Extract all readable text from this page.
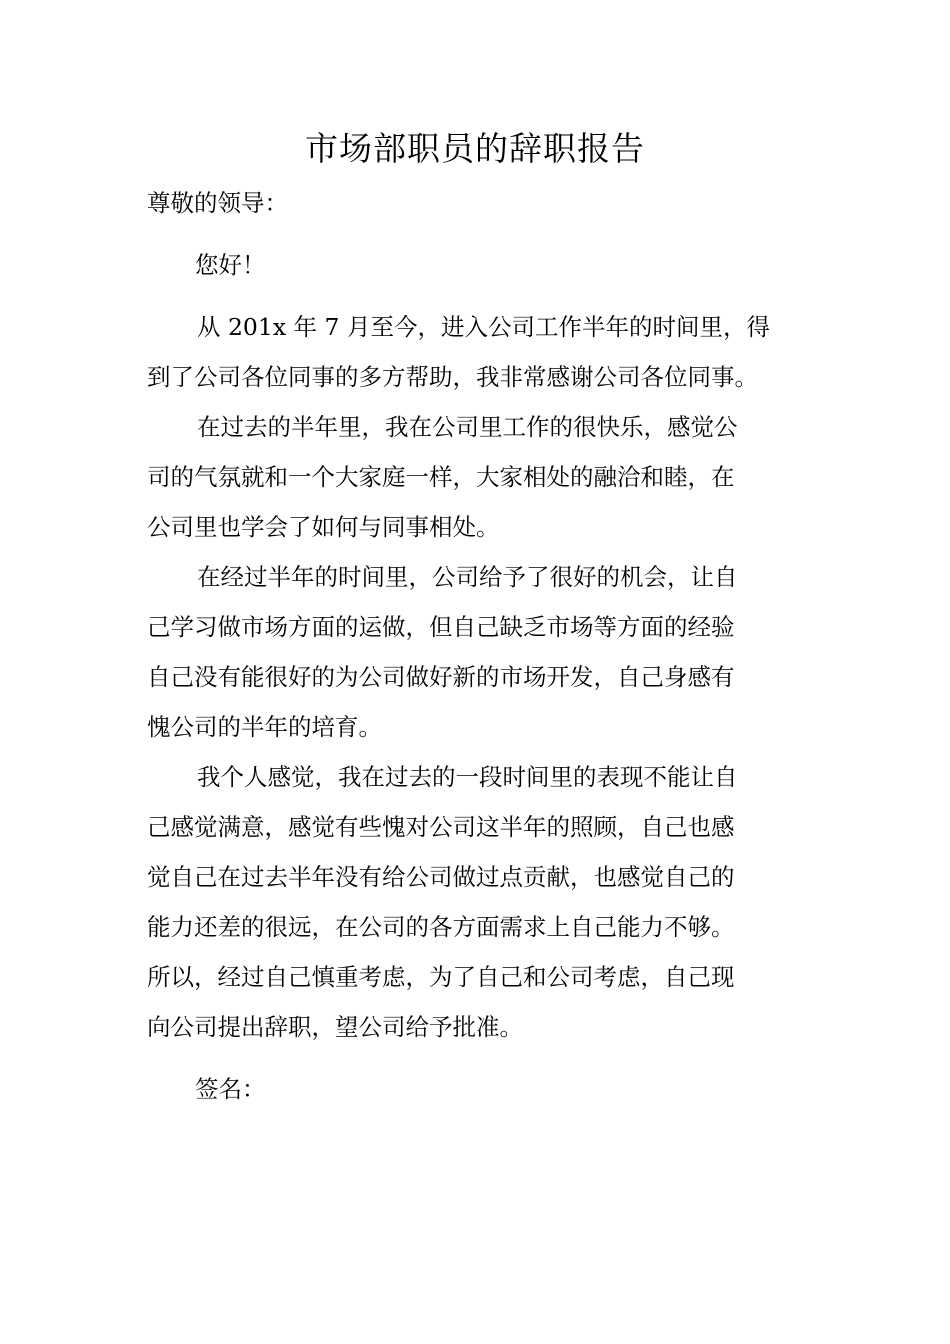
市场部职员的辞职报告
尊敬的领导：
您好！
从 201x 年 7 月至今，进入公司工作半年的时间里，得
到了公司各位同事的多方帮助，我非常感谢公司各位同事。
在过去的半年里，我在公司里工作的很快乐，感觉公
司的气氛就和一个大家庭一样，大家相处的融洽和睦，在
公司里也学会了如何与同事相处。
在经过半年的时间里，公司给予了很好的机会，让自
己学习做市场方面的运做，但自己缺乏市场等方面的经验
自己没有能很好的为公司做好新的市场开发，自己身感有
愧公司的半年的培育。
我个人感觉，我在过去的一段时间里的表现不能让自
己感觉满意，感觉有些愧对公司这半年的照顾，自己也感
觉自己在过去半年没有给公司做过点贡献，也感觉自己的
能力还差的很远，在公司的各方面需求上自己能力不够。
所以，经过自己慎重考虑，为了自己和公司考虑，自己现
向公司提出辞职，望公司给予批准。
签名：
